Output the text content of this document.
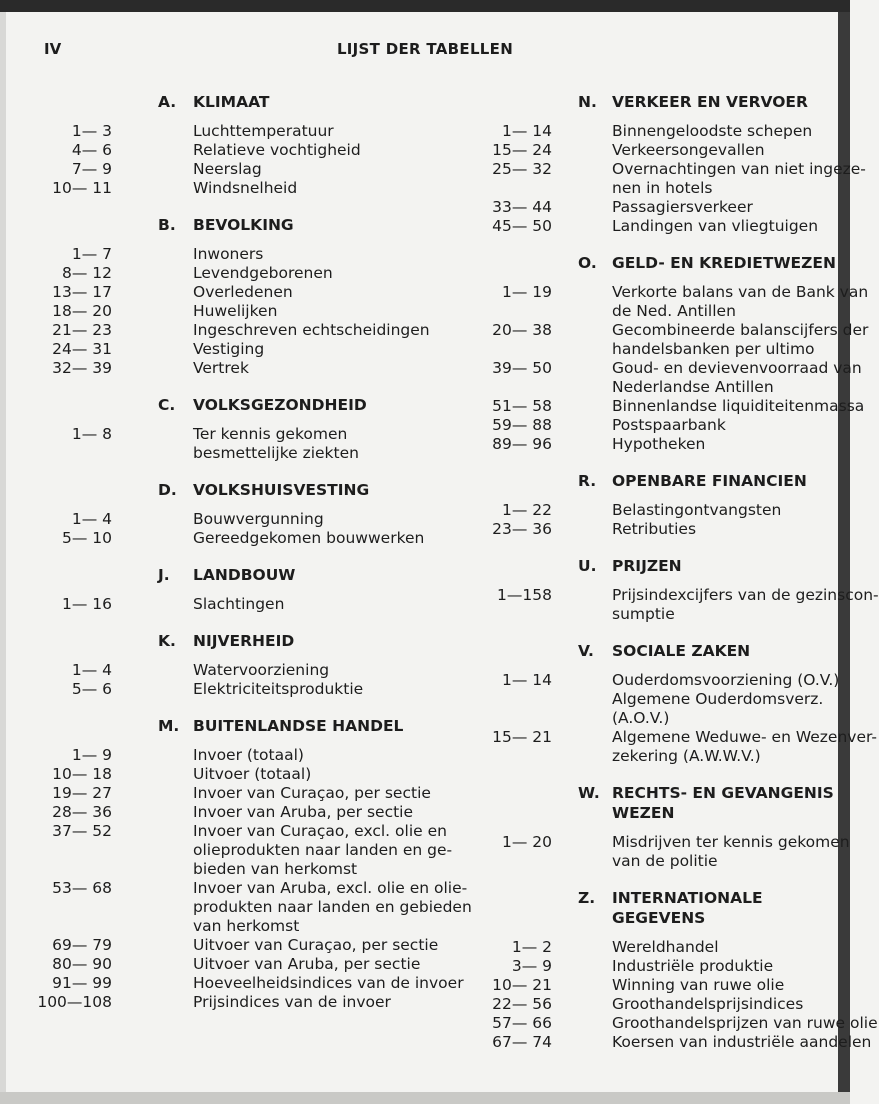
IV	LIJST DER TABELLEN
A. KLIMAAT
1— 3	Luchttemperatuur
4— 6	Relatieve vochtigheid
7— 9	Neerslag
10— 11	Windsnelheid
B. BEVOLKING
1— 7	Inwoners
8— 12	Levendgeborenen
13— 17	Overledenen
18— 20	Huwelijken
21— 23	Ingeschreven echtscheidingen
24— 31	Vestiging
32— 39	Vertrek
C. VOLKSGEZONDHEID
1— 8	Ter kennis gekomen
besmettelijke ziekten
D. VOLKSHUISVESTING
1— 4	Bouwvergunning
5— 10	Gereedgekomen bouwwerken
J. LANDBOUW
1— 16	Slachtingen
K. NIJVERHEID
1— 4	Watervoorziening
5— 6	Elektriciteitsproduktie
M. BUITENLANDSE HANDEL
1— 9	Invoer (totaal)
10— 18	Uitvoer (totaal)
19— 27	Invoer van Curaçao, per sectie
28— 36	Invoer van Aruba, per sectie
37— 52	Invoer van Curaçao, excl. olie en
olieprodukten naar landen en ge-
bieden van herkomst
53— 68	Invoer van Aruba, excl. olie en olie-
produkten naar landen en gebieden
van herkomst
69— 79	Uitvoer van Curaçao, per sectie
80— 90	Uitvoer van Aruba, per sectie
91— 99	Hoeveelheidsindices van de invoer
100—108	Prijsindices van de invoer
N. VERKEER EN VERVOER
1— 14	Binnengeloodste schepen
15— 24	Verkeersongevallen
25— 32	Overnachtingen van niet ingeze-
nen in hotels
33— 44	Passagiersverkeer
45— 50	Landingen van vliegtuigen
O. GELD- EN KREDIETWEZEN
1— 19	Verkorte balans van de Bank van
de Ned. Antillen
20— 38	Gecombineerde balanscijfers der
handelsbanken per ultimo
39— 50	Goud- en devievenvoorraad van
Nederlandse Antillen
51— 58	Binnenlandse liquiditeitenmassa
59— 88	Postspaarbank
89— 96	Hypotheken
R. OPENBARE FINANCIEN
1— 22	Belastingontvangsten
23— 36	Retributies
U. PRIJZEN
1—158	Prijsindexcijfers van de gezinscon-
sumptie
V. SOCIALE ZAKEN
1— 14	Ouderdomsvoorziening (O.V.)
Algemene Ouderdomsverz.
(A.O.V.)
15— 21	Algemene Weduwe- en Wezenver-
zekering (A.W.W.V.)
W. RECHTS- EN GEVANGENIS
WEZEN
1— 20	Misdrijven ter kennis gekomen
van de politie
Z. INTERNATIONALE GEGEVENS
1— 2	Wereldhandel
3— 9	Industriële produktie
10— 21	Winning van ruwe olie
22— 56	Groothandelsprijsindices
57— 66	Groothandelsprijzen van ruwe olie
67— 74	Koersen van industriële aandelen
